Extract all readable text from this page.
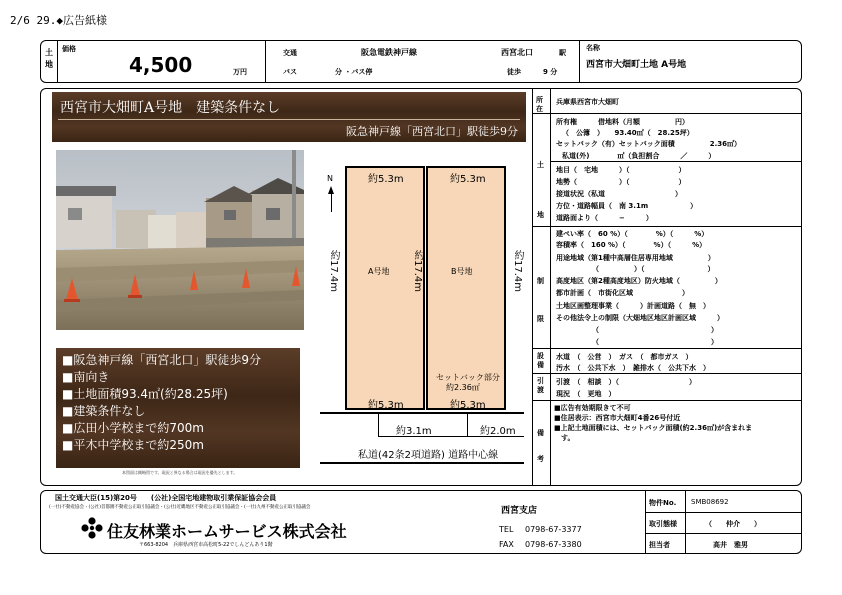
2/6 29.◆広告紙様
土地
価格
4,500	万円
交通	阪急電鉄神戸線	西宮北口	駅
バス	分 ・バス停	徒歩	9 分
名称
西宮市大畑町土地 A号地
西宮市大畑町A号地　建築条件なし
阪急神戸線「西宮北口」駅徒歩9分
■阪急神戸線「西宮北口」駅徒歩9分
■南向き
■土地面積93.4㎡(約28.25坪)
■建築条件なし
■広田小学校まで約700m
■平木中学校まで約250m
本図面は概略図です。現況と異なる場合は現況を優先とします。
N
A号地	B号地
約5.3m	約5.3m
約5.3m	約5.3m
約17.4m	約17.4m	約17.4m
セットバック部分
約2.36㎡
約3.1m	約2.0m
私道(42条2項道路) 道路中心線
所在
兵庫県西宮市大畑町
土地
所有権　　　借地料（月額　　　　　円）
（　公簿　）　　93.40㎡（　28.25坪）
セットバック（有）セットバック面積　　　　　2.36㎡）
私道(外)　　　　㎡（負担割合　　　／　　　）
地目（　宅地　　　）（　　　　　　　）
地勢（　　　　　　）（　　　　　　　）
接道状況（私道　　　　　　　　　　）
方位・道路幅員（　南 3.1m　　　　　　）
道路面より（　　　−　　　）
制限
建ぺい率（　60 %）（　　　　%）（　　　%）
容積率（　160 %）（　　　　%）（　　　%）
用途地域（第1種中高層住居専用地域　　　　　）
（　　　　　）（　　　　　　　　　）
高度地区（第2種高度地区）防火地域（　　　　　）
都市計画（　市街化区域　　　　　　　）
土地区画整理事業（　　　）計画道路（　無　）
その他法令上の制限（大畑地区地区計画区域　　　）
（　　　　　　　　　　　　　　　　）
（　　　　　　　　　　　　　　　　）
設備
水道　（　公営　）　ガス　（　都市ガス　）
汚水　（　公共下水　）　雑排水（　公共下水　）
引渡
引渡　（　相談　）（　　　　　　　　　　）
現況　（　更地　）
備考
■広告有効期限きて不可
■住居表示：西宮市大畑町4番26号付近
■上記土地面積には、セットバック面積(約2.36㎡)が含まれま
　す。
国土交通大臣(15)第20号　　(公社)全国宅地建物取引業保証協会会員
(一社)不動産協会・(公社)首都圏不動産公正取引協議会・(公社)近畿地区不動産公正取引協議会・(一社)九州不動産公正取引協議会
住友林業ホームサービス株式会社
〒663-8204　兵庫県西宮市高松町5-22でしんどんあり1階
西宮支店
TEL 0798-67-3377
FAX 0798-67-3380
物件No. SMB08692
取引態様	（　　仲介　　）
担当者	高井　雅男
